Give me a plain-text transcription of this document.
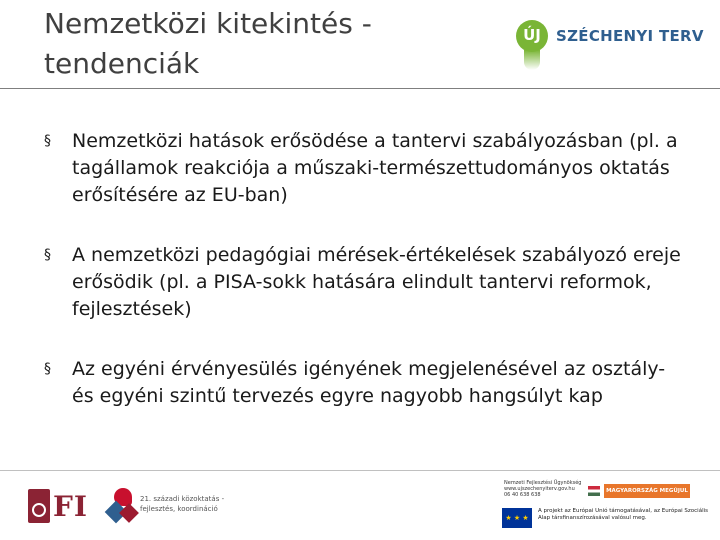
Nemzetközi kitekintés - tendenciák
ÚJ	SZÉCHENYI TERV
§ Nemzetközi hatások erősödése a tantervi szabályozásban (pl. a tagállamok reakciója a műszaki-természettudományos oktatás erősítésére az EU-ban)
§ A nemzetközi pedagógiai mérések-értékelések szabályozó ereje erősödik (pl. a PISA-sokk hatására elindult tantervi reformok, fejlesztések)
§ Az egyéni érvényesülés igényének megjelenésével az osztály- és egyéni szintű tervezés egyre nagyobb hangsúlyt kap
FI	21. századi közoktatás - fejlesztés, koordináció
Nemzeti Fejlesztési Ügynökség
www.ujszechenyiterv.gov.hu
06 40 638 638
MAGYARORSZÁG MEGÚJUL
★ ★ ★
A projekt az Európai Unió támogatásával, az Európai Szociális Alap társfinanszírozásával valósul meg.
